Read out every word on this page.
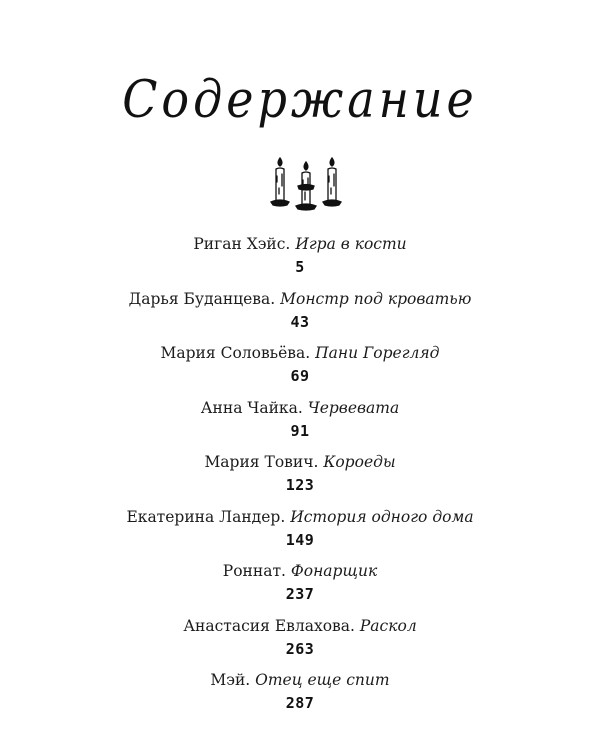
Содержание
Риган Хэйс. Игра в кости
5
Дарья Буданцева. Монстр под кроватью
43
Мария Соловьёва. Пани Горегляд
69
Анна Чайка. Червевата
91
Мария Тович. Короеды
123
Екатерина Ландер. История одного дома
149
Роннат. Фонарщик
237
Анастасия Евлахова. Раскол
263
Мэй. Отец еще спит
287
